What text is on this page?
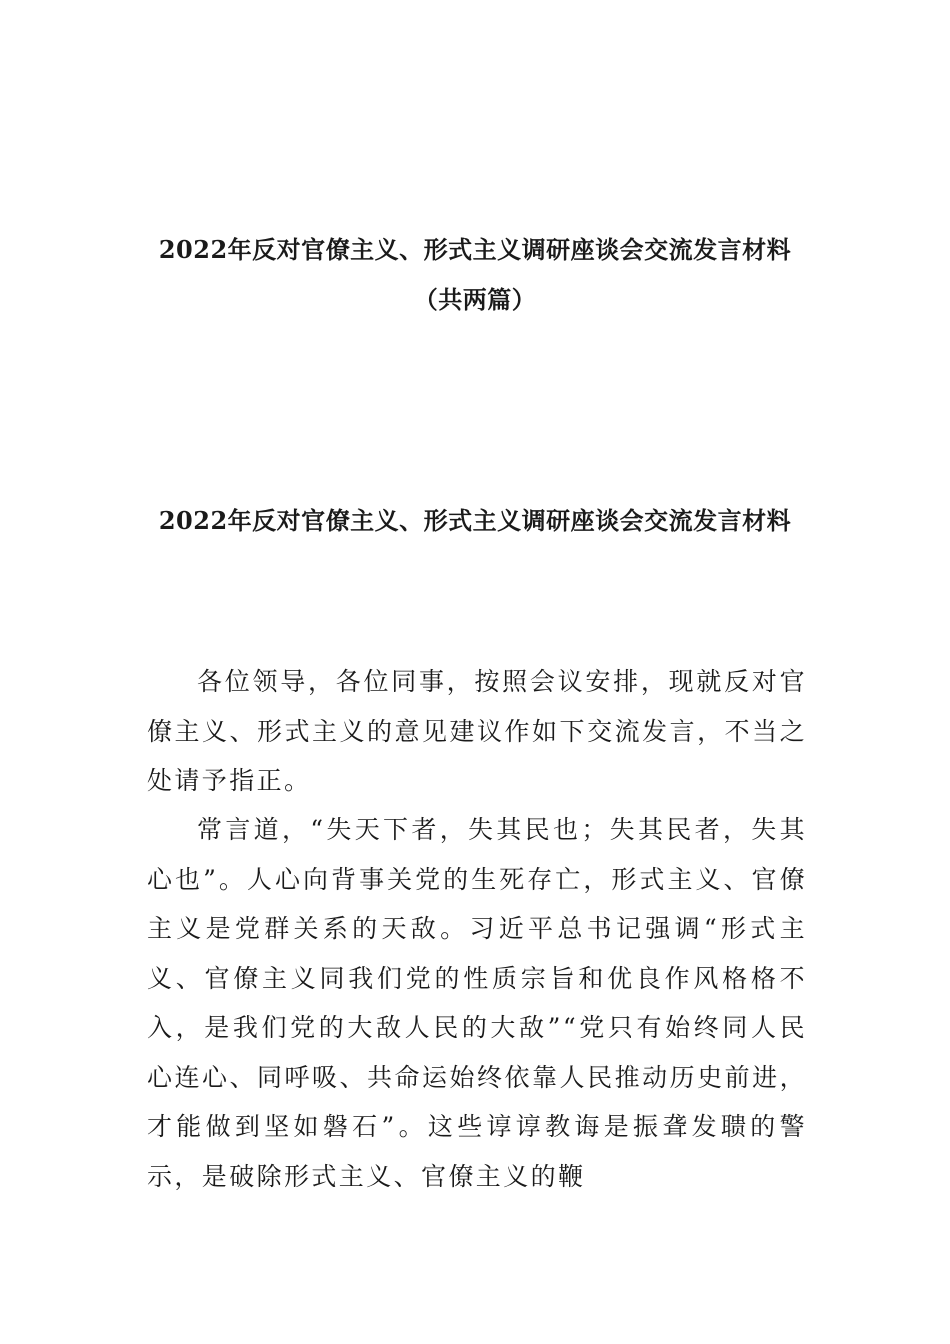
2022年反对官僚主义、形式主义调研座谈会交流发言材料
（共两篇）
2022年反对官僚主义、形式主义调研座谈会交流发言材料

各位领导，各位同事，按照会议安排，现就反对官僚主义、形式主义的意见建议作如下交流发言，不当之处请予指正。

常言道，“失天下者，失其民也；失其民者，失其心也”。人心向背事关党的生死存亡，形式主义、官僚主义是党群关系的天敌。习近平总书记强调“形式主义、官僚主义同我们党的性质宗旨和优良作风格格不入，是我们党的大敌人民的大敌”“党只有始终同人民心连心、同呼吸、共命运始终依靠人民推动历史前进，才能做到坚如磐石”。这些谆谆教诲是振聋发聩的警示，是破除形式主义、官僚主义的鞭
